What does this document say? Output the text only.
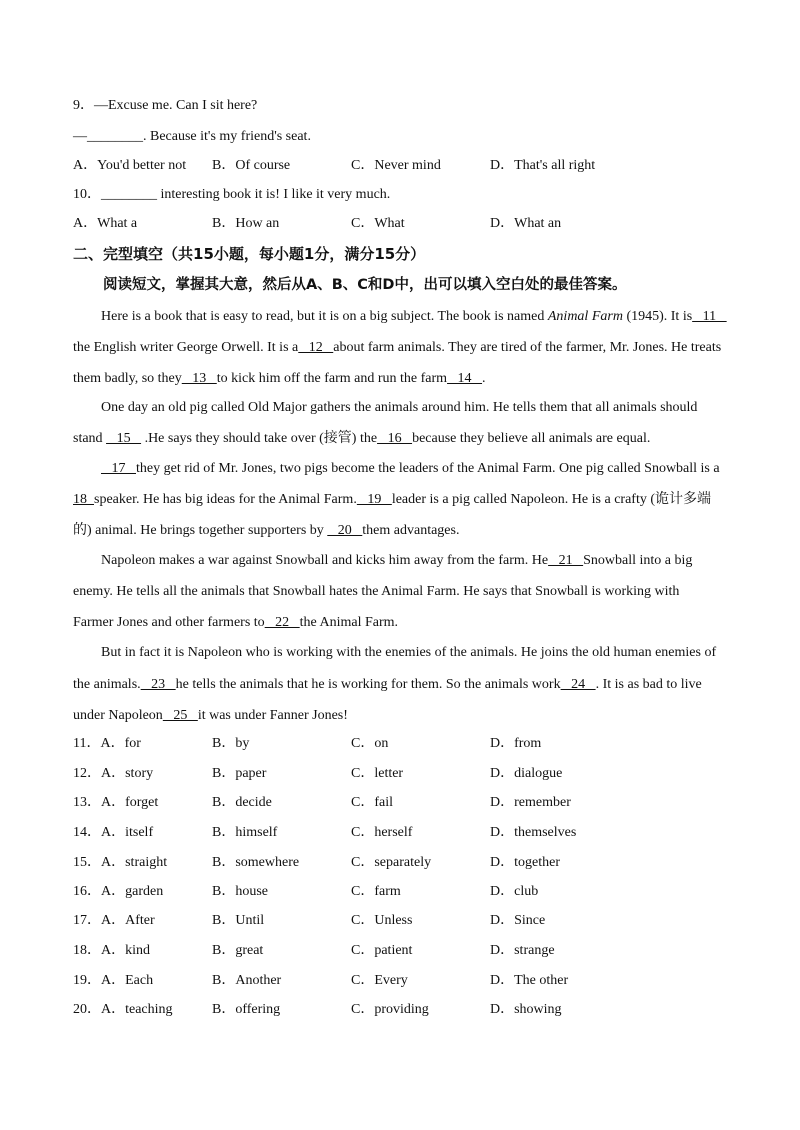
9．—Excuse me. Can I sit here?
—________. Because it's my friend's seat.
A．You'd better not B．Of course	C．Never mind	D．That's all right
10．________ interesting book it is! I like it very much.
A．What a	B．How an	C．What	D．What an
二、完型填空（共15小题，每小题1分，满分15分）
阅读短文，掌握其大意，然后从A、B、C和D中，出可以填入空白处的最佳答案。
Here is a book that is easy to read, but it is on a big subject. The book is named Animal Farm (1945). It is   11
the English writer George Orwell. It is a   12   about farm animals. They are tired of the farmer, Mr. Jones. He treats
them badly, so they   13   to kick him off the farm and run the farm   14   .
One day an old pig called Old Major gathers the animals around him. He tells them that all animals should
stand    15    .He says they should take over (接管) the   16   because they believe all animals are equal.
17   they get rid of Mr. Jones, two pigs become the leaders of the Animal Farm. One pig called Snowball is a
18  speaker. He has big ideas for the Animal Farm.   19   leader is a pig called Napoleon. He is a crafty (诡计多端
的) animal. He brings together supporters by    20   them advantages.
Napoleon makes a war against Snowball and kicks him away from the farm. He   21   Snowball into a big
enemy. He tells all the animals that Snowball hates the Animal Farm. He says that Snowball is working with
Farmer Jones and other farmers to   22   the Animal Farm.
But in fact it is Napoleon who is working with the enemies of the animals. He joins the old human enemies of
the animals.   23   he tells the animals that he is working for them. So the animals work   24   . It is as bad to live
under Napoleon   25   it was under Fanner Jones!
11．A．for	B．by	C．on	D．from
12．A．story	B．paper	C．letter	D．dialogue
13．A．forget	B．decide	C．fail	D．remember
14．A．itself	B．himself	C．herself	D．themselves
15．A．straight	B．somewhere	C．separately	D．together
16．A．garden	B．house	C．farm	D．club
17．A．After	B．Until	C．Unless	D．Since
18．A．kind	B．great	C．patient	D．strange
19．A．Each	B．Another	C．Every	D．The other
20．A．teaching	B．offering	C．providing	D．showing
